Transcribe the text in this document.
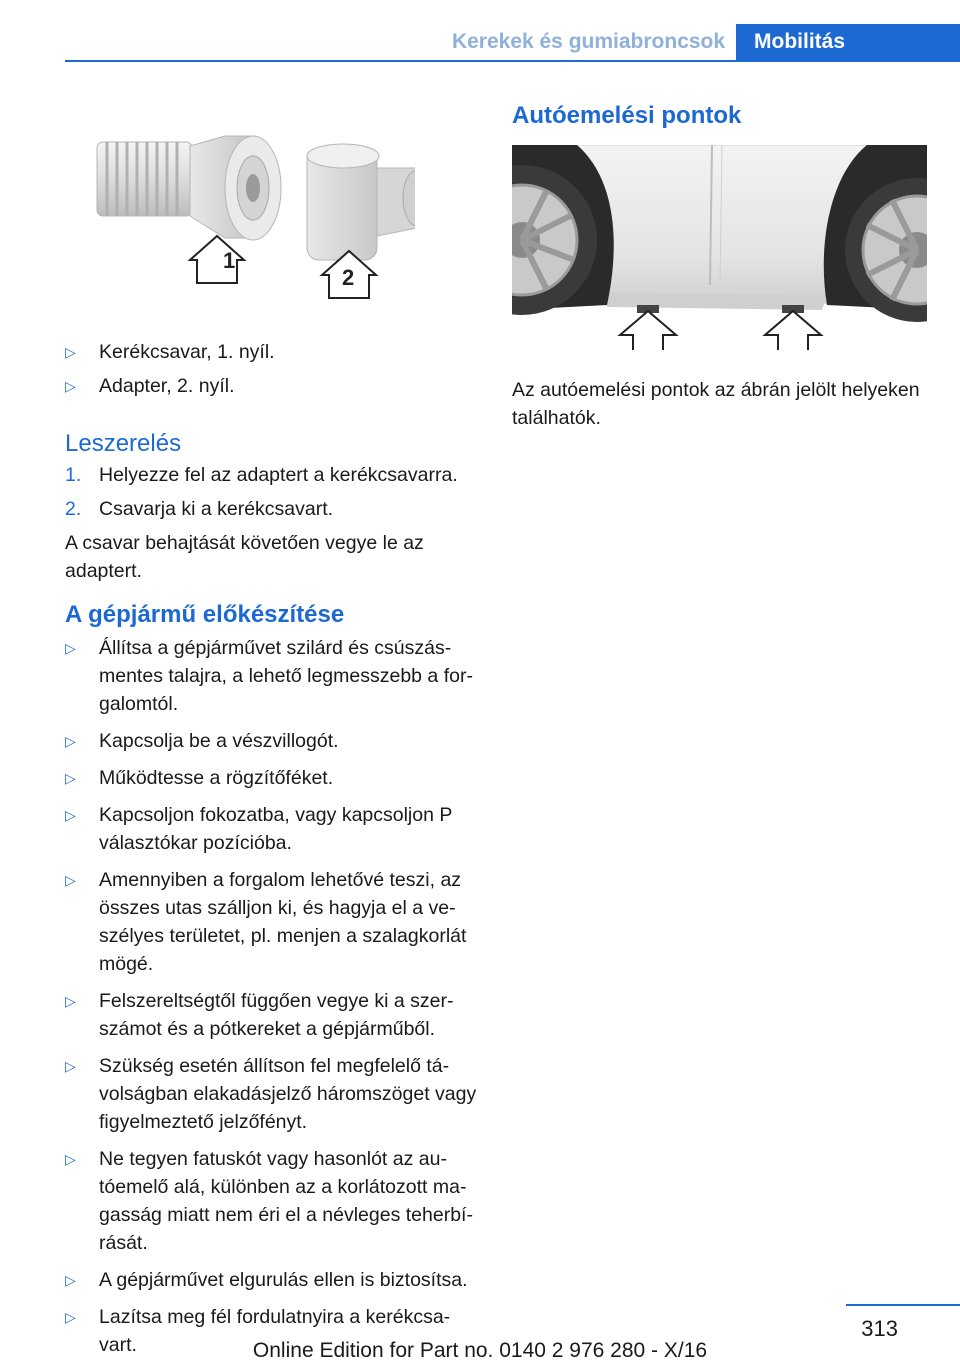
Kerekek és gumiabroncsok	Mobilitás
1
2
▷ Kerékcsavar, 1. nyíl.
▷ Adapter, 2. nyíl.
Leszerelés
1. Helyezze fel az adaptert a kerékcsavarra.
2. Csavarja ki a kerékcsavart.

A csavar behajtását követően vegye le az adaptert.

A gépjármű előkészítése
▷ Állítsa a gépjárművet szilárd és csúszásmentes talajra, a lehető legmesszebb a forgalomtól.
▷ Kapcsolja be a vészvillogót.
▷ Működtesse a rögzítőféket.
▷ Kapcsoljon fokozatba, vagy kapcsoljon P választókar pozícióba.
▷ Amennyiben a forgalom lehetővé teszi, az összes utas szálljon ki, és hagyja el a veszélyes területet, pl. menjen a szalagkorlát mögé.
▷ Felszereltségtől függően vegye ki a szerszámot és a pótkereket a gépjárműből.
▷ Szükség esetén állítson fel megfelelő távolságban elakadásjelző háromszöget vagy figyelmeztető jelzőfényt.
▷ Ne tegyen fatuskót vagy hasonlót az autóemelő alá, különben az a korlátozott magasság miatt nem éri el a névleges teherbírását.
▷ A gépjárművet elgurulás ellen is biztosítsa.
▷ Lazítsa meg fél fordulatnyira a kerékcsavart.
Autóemelési pontok

Az autóemelési pontok az ábrán jelölt helyeken találhatók.

313
Online Edition for Part no. 0140 2 976 280 - X/16
